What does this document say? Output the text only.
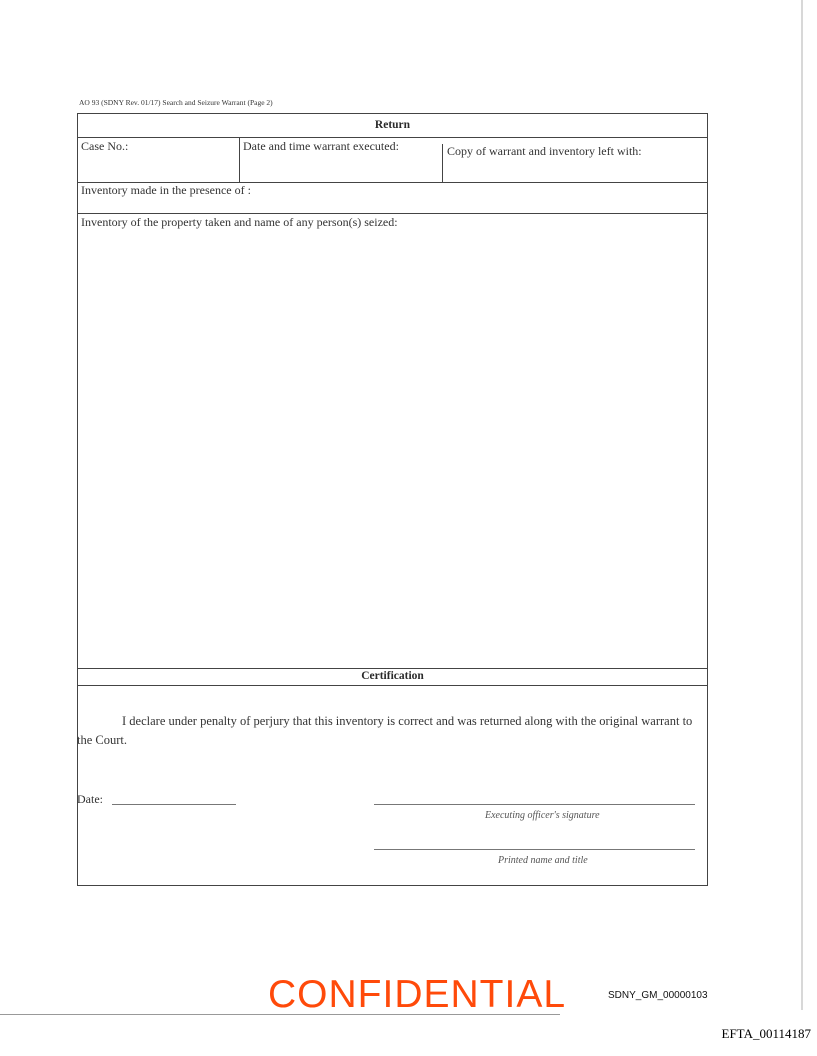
AO 93 (SDNY Rev. 01/17) Search and Seizure Warrant (Page 2)
Return
Case No.:	Date and time warrant executed:	Copy of warrant and inventory left with:
Inventory made in the presence of :
Inventory of the property taken and name of any person(s) seized:
Certification
I declare under penalty of perjury that this inventory is correct and was returned along with the original warrant to the Court.
Date:
Executing officer's signature
Printed name and title
CONFIDENTIAL	SDNY_GM_00000103
EFTA_00114187
